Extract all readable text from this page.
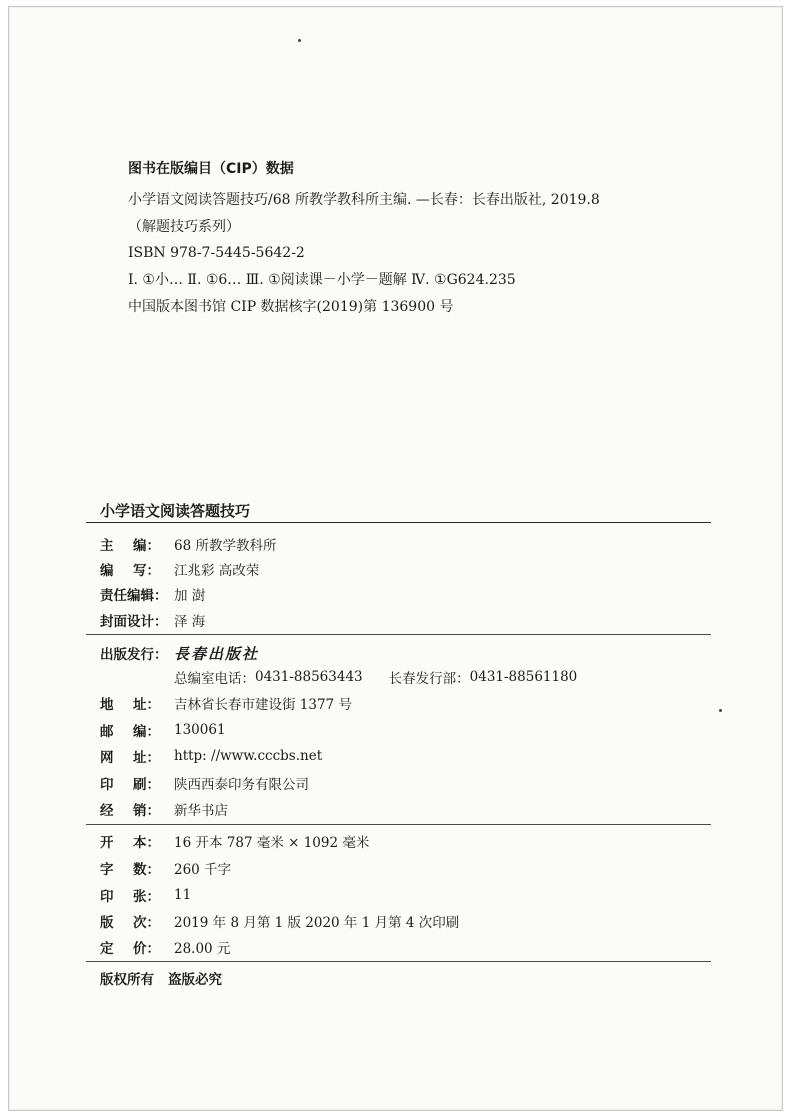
图书在版编目（CIP）数据
小学语文阅读答题技巧/68 所教学教科所主编. —长春：长春出版社, 2019.8
（解题技巧系列）
ISBN 978-7-5445-5642-2
Ⅰ. ①小… Ⅱ. ①6… Ⅲ. ①阅读课－小学－题解 Ⅳ. ①G624.235
中国版本图书馆 CIP 数据核字(2019)第 136900 号
小学语文阅读答题技巧
主 编： 68 所教学教科所
编 写： 江兆彩 高改荣
责任编辑： 加 澍
封面设计： 泽 海
出版发行： 長春出版社
总编室电话： 0431-88563443 长春发行部： 0431-88561180
地 址： 吉林省长春市建设街 1377 号
邮 编： 130061
网 址： http: //www.cccbs.net
印 刷： 陕西西泰印务有限公司
经 销： 新华书店
开 本： 16 开本 787 毫米 × 1092 毫米
字 数： 260 千字
印 张： 11
版 次： 2019 年 8 月第 1 版 2020 年 1 月第 4 次印刷
定 价： 28.00 元
版权所有 盗版必究
